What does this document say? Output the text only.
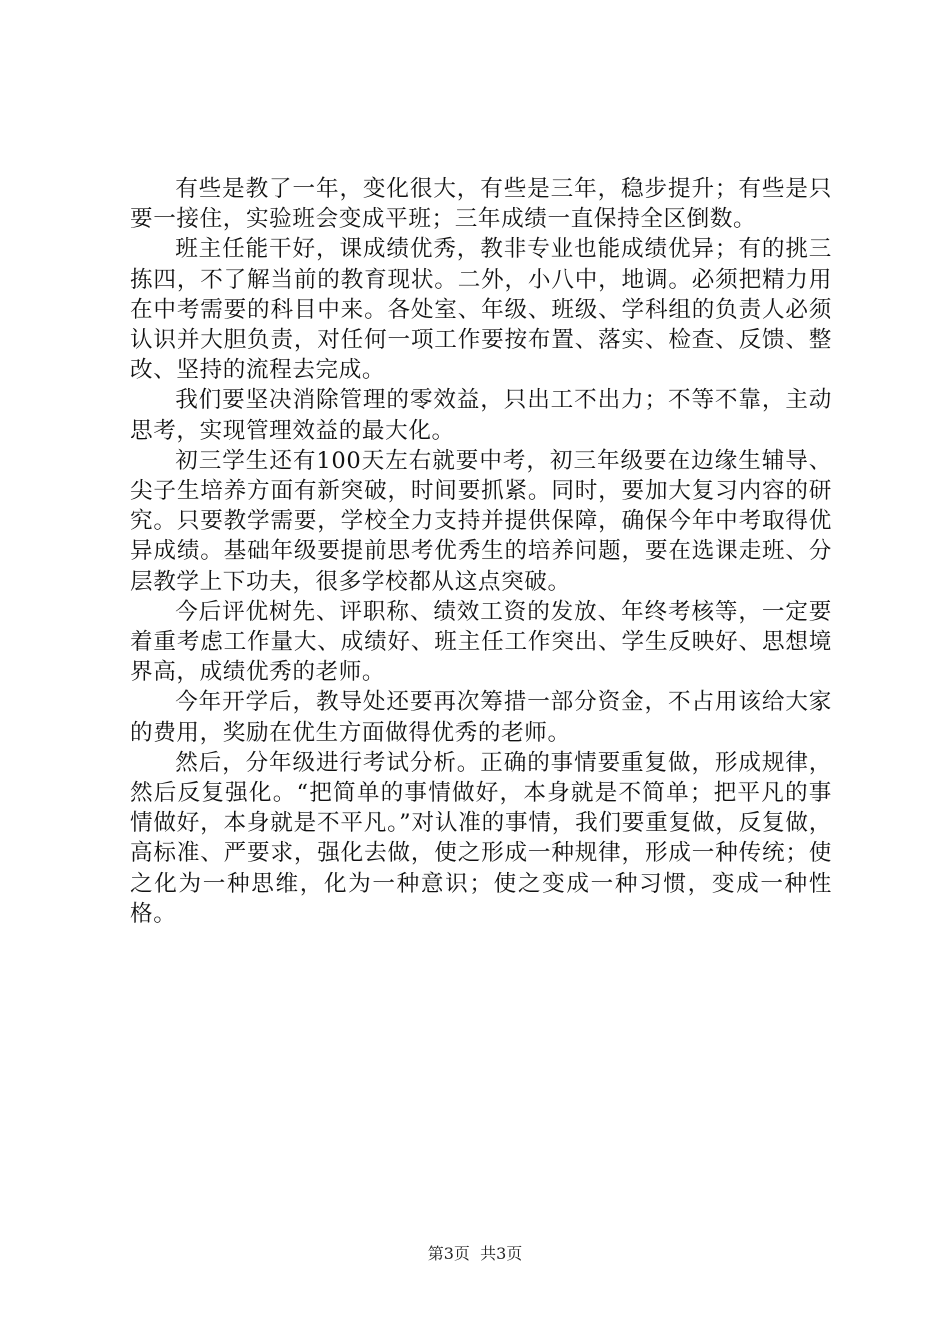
有些是教了一年，变化很大，有些是三年，稳步提升；有些是只要一接住，实验班会变成平班；三年成绩一直保持全区倒数。

班主任能干好，课成绩优秀，教非专业也能成绩优异；有的挑三拣四，不了解当前的教育现状。二外，小八中，地调。必须把精力用在中考需要的科目中来。各处室、年级、班级、学科组的负责人必须认识并大胆负责，对任何一项工作要按布置、落实、检查、反馈、整改、坚持的流程去完成。

我们要坚决消除管理的零效益，只出工不出力；不等不靠，主动思考，实现管理效益的最大化。

初三学生还有100天左右就要中考，初三年级要在边缘生辅导、尖子生培养方面有新突破，时间要抓紧。同时，要加大复习内容的研究。只要教学需要，学校全力支持并提供保障，确保今年中考取得优异成绩。基础年级要提前思考优秀生的培养问题，要在选课走班、分层教学上下功夫，很多学校都从这点突破。

今后评优树先、评职称、绩效工资的发放、年终考核等，一定要着重考虑工作量大、成绩好、班主任工作突出、学生反映好、思想境界高，成绩优秀的老师。

今年开学后，教导处还要再次筹措一部分资金，不占用该给大家的费用，奖励在优生方面做得优秀的老师。

然后，分年级进行考试分析。正确的事情要重复做，形成规律，然后反复强化。“把简单的事情做好，本身就是不简单；把平凡的事情做好，本身就是不平凡。”对认准的事情，我们要重复做，反复做，高标准、严要求，强化去做，使之形成一种规律，形成一种传统；使之化为一种思维，化为一种意识；使之变成一种习惯，变成一种性格。

第3页  共3页
